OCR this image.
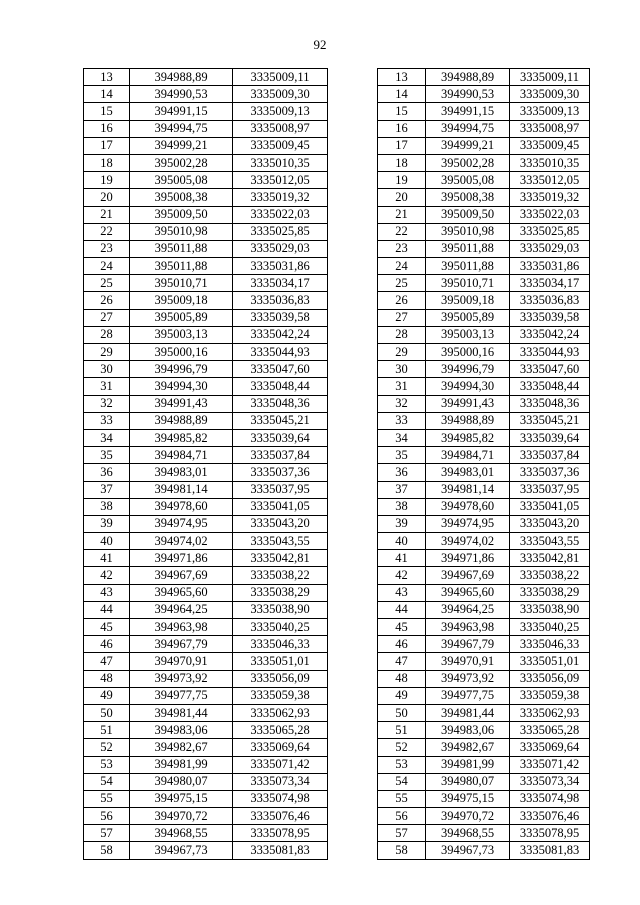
92
13	394988,89	3335009,11
14	394990,53	3335009,30
15	394991,15	3335009,13
16	394994,75	3335008,97
17	394999,21	3335009,45
18	395002,28	3335010,35
19	395005,08	3335012,05
20	395008,38	3335019,32
21	395009,50	3335022,03
22	395010,98	3335025,85
23	395011,88	3335029,03
24	395011,88	3335031,86
25	395010,71	3335034,17
26	395009,18	3335036,83
27	395005,89	3335039,58
28	395003,13	3335042,24
29	395000,16	3335044,93
30	394996,79	3335047,60
31	394994,30	3335048,44
32	394991,43	3335048,36
33	394988,89	3335045,21
34	394985,82	3335039,64
35	394984,71	3335037,84
36	394983,01	3335037,36
37	394981,14	3335037,95
38	394978,60	3335041,05
39	394974,95	3335043,20
40	394974,02	3335043,55
41	394971,86	3335042,81
42	394967,69	3335038,22
43	394965,60	3335038,29
44	394964,25	3335038,90
45	394963,98	3335040,25
46	394967,79	3335046,33
47	394970,91	3335051,01
48	394973,92	3335056,09
49	394977,75	3335059,38
50	394981,44	3335062,93
51	394983,06	3335065,28
52	394982,67	3335069,64
53	394981,99	3335071,42
54	394980,07	3335073,34
55	394975,15	3335074,98
56	394970,72	3335076,46
57	394968,55	3335078,95
58	394967,73	3335081,83
13	394988,89	3335009,11
14	394990,53	3335009,30
15	394991,15	3335009,13
16	394994,75	3335008,97
17	394999,21	3335009,45
18	395002,28	3335010,35
19	395005,08	3335012,05
20	395008,38	3335019,32
21	395009,50	3335022,03
22	395010,98	3335025,85
23	395011,88	3335029,03
24	395011,88	3335031,86
25	395010,71	3335034,17
26	395009,18	3335036,83
27	395005,89	3335039,58
28	395003,13	3335042,24
29	395000,16	3335044,93
30	394996,79	3335047,60
31	394994,30	3335048,44
32	394991,43	3335048,36
33	394988,89	3335045,21
34	394985,82	3335039,64
35	394984,71	3335037,84
36	394983,01	3335037,36
37	394981,14	3335037,95
38	394978,60	3335041,05
39	394974,95	3335043,20
40	394974,02	3335043,55
41	394971,86	3335042,81
42	394967,69	3335038,22
43	394965,60	3335038,29
44	394964,25	3335038,90
45	394963,98	3335040,25
46	394967,79	3335046,33
47	394970,91	3335051,01
48	394973,92	3335056,09
49	394977,75	3335059,38
50	394981,44	3335062,93
51	394983,06	3335065,28
52	394982,67	3335069,64
53	394981,99	3335071,42
54	394980,07	3335073,34
55	394975,15	3335074,98
56	394970,72	3335076,46
57	394968,55	3335078,95
58	394967,73	3335081,83
